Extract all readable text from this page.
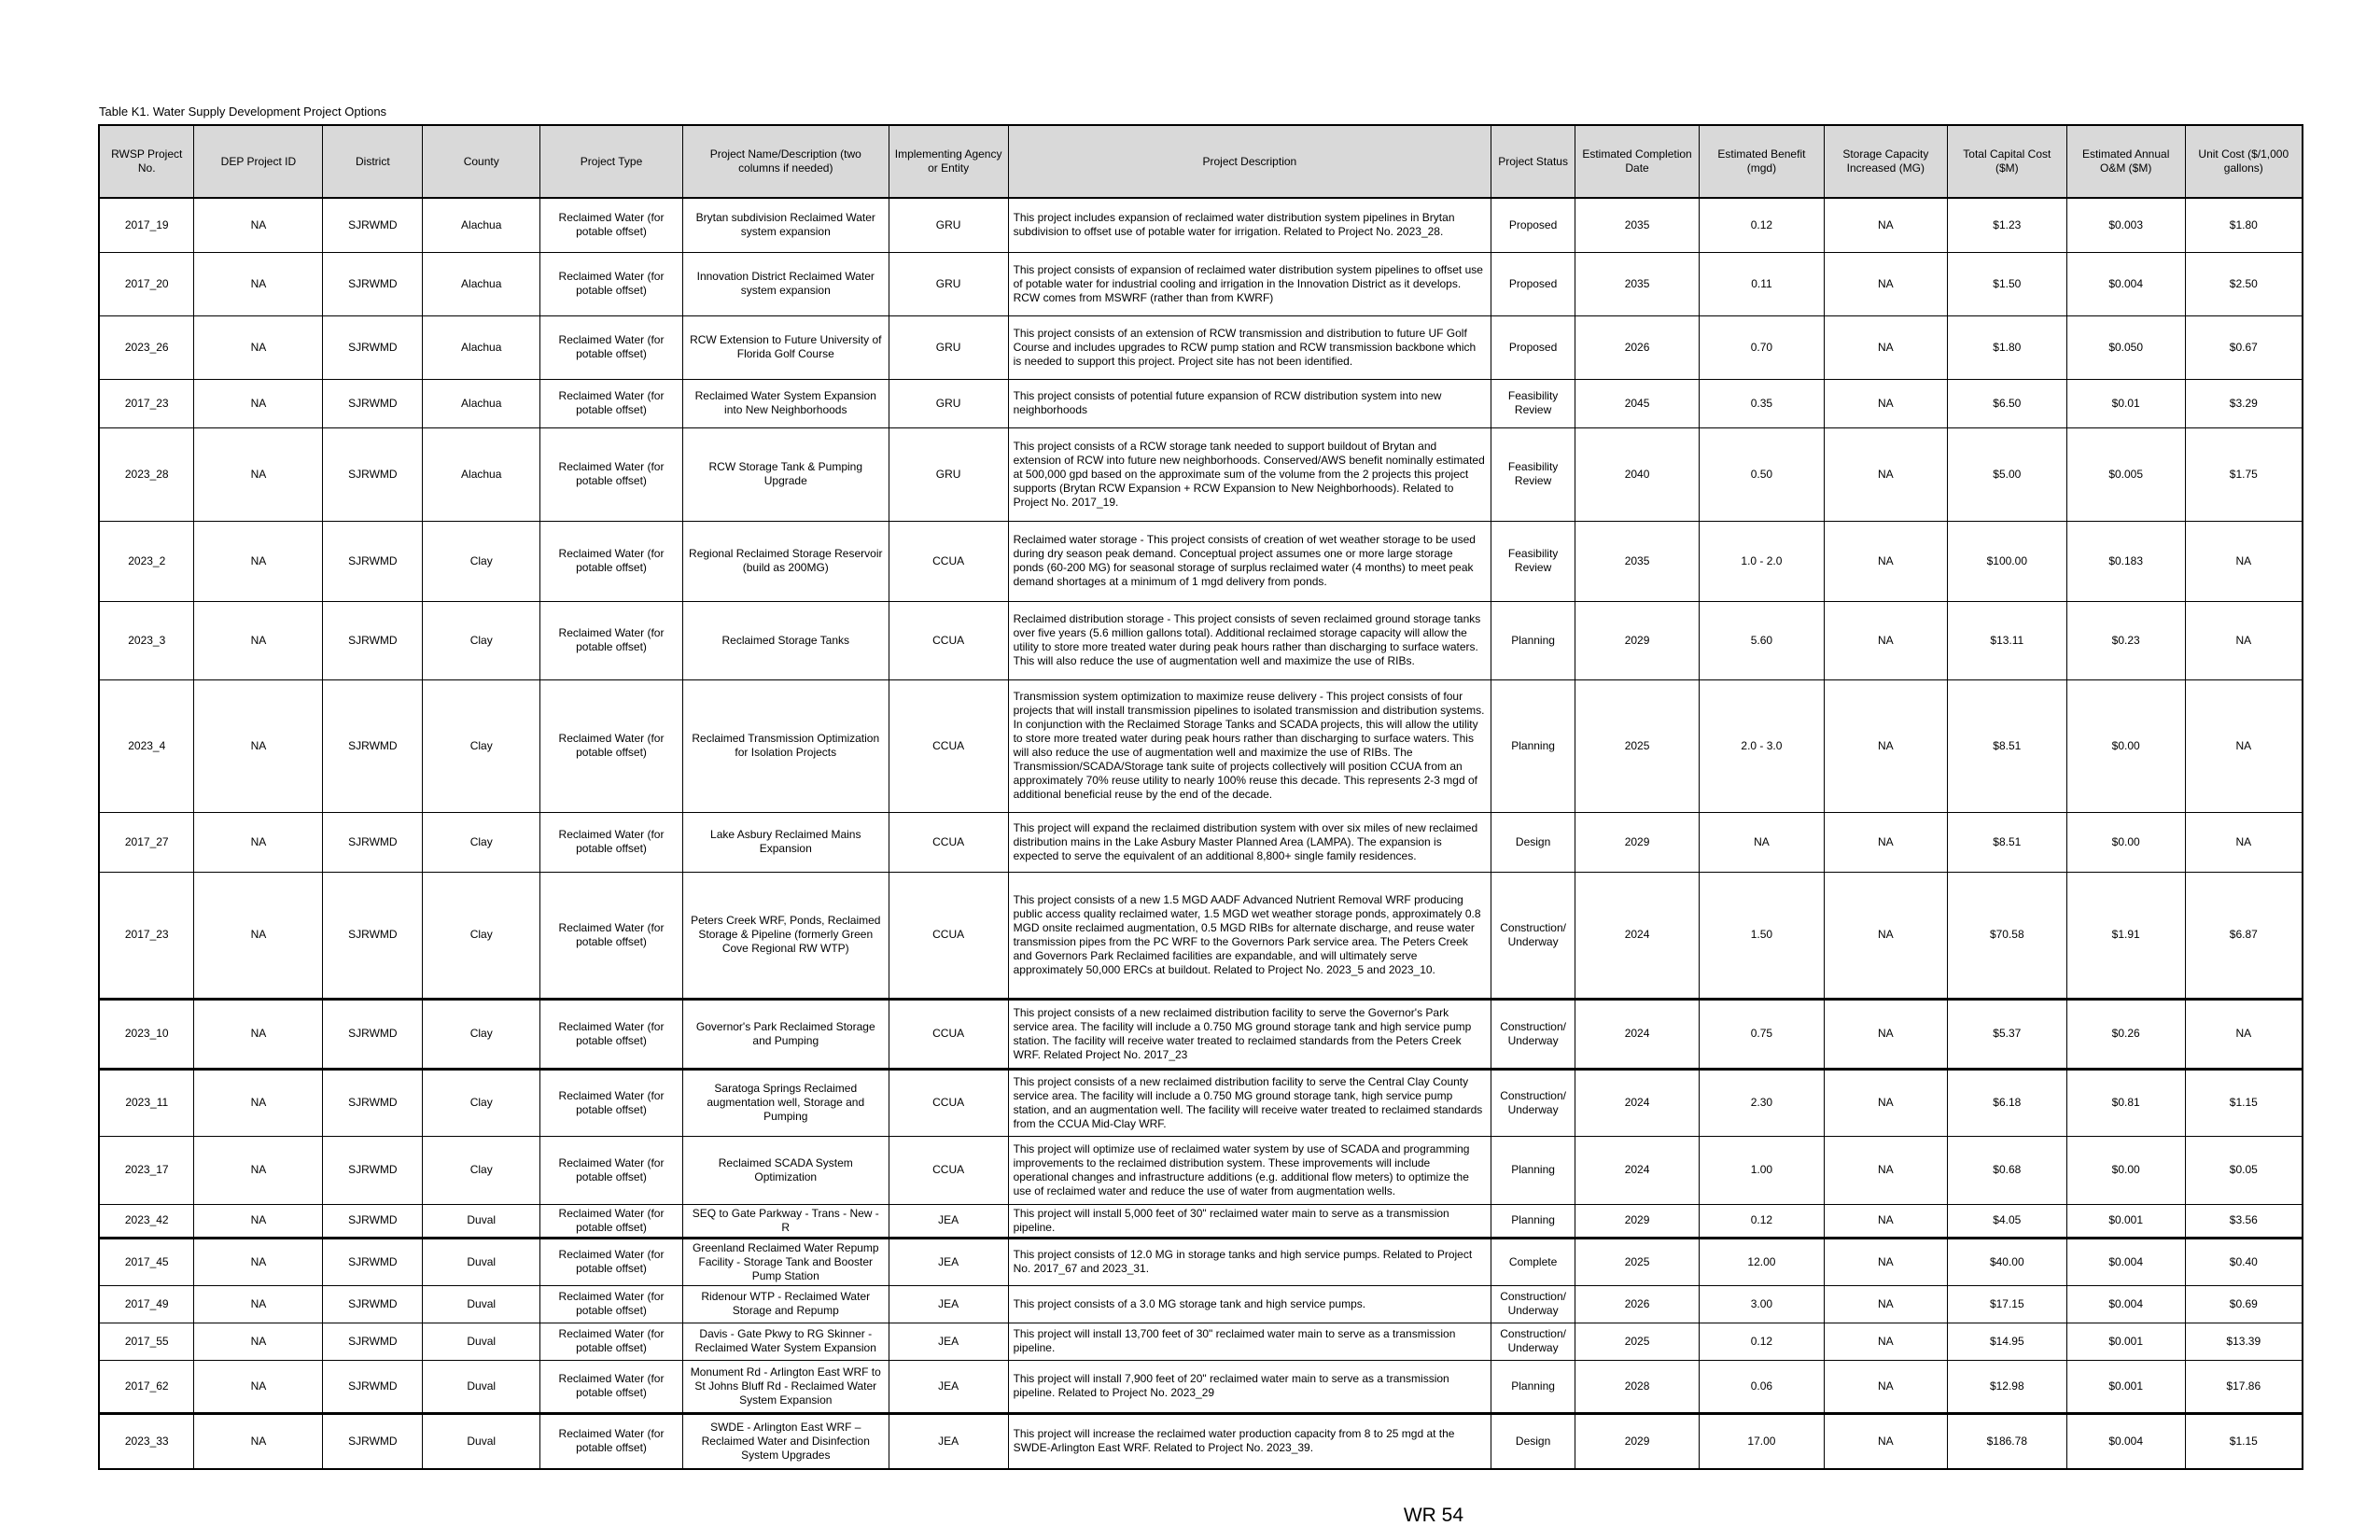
Table K1. Water Supply Development Project Options
RWSP Project No.	DEP Project ID	District	County	Project Type	Project Name/Description (two columns if needed)	Implementing Agency or Entity	Project Description	Project Status	Estimated Completion Date	Estimated Benefit (mgd)	Storage Capacity Increased (MG)	Total Capital Cost ($M)	Estimated Annual O&M ($M)	Unit Cost ($/1,000 gallons)
2017_19	NA	SJRWMD	Alachua	Reclaimed Water (for potable offset)	Brytan subdivision Reclaimed Water system expansion	GRU	This project includes expansion of reclaimed water distribution system pipelines in Brytan subdivision to offset use of potable water for irrigation. Related to Project No. 2023_28.	Proposed	2035	0.12	NA	$1.23	$0.003	$1.80
2017_20	NA	SJRWMD	Alachua	Reclaimed Water (for potable offset)	Innovation District Reclaimed Water system expansion	GRU	This project consists of expansion of reclaimed water distribution system pipelines to offset use of potable water for industrial cooling and irrigation in the Innovation District as it develops. RCW comes from MSWRF (rather than from KWRF)	Proposed	2035	0.11	NA	$1.50	$0.004	$2.50
2023_26	NA	SJRWMD	Alachua	Reclaimed Water (for potable offset)	RCW Extension to Future University of Florida Golf Course	GRU	This project consists of an extension of RCW transmission and distribution to future UF Golf Course and includes upgrades to RCW pump station and RCW transmission backbone which is needed to support this project. Project site has not been identified.	Proposed	2026	0.70	NA	$1.80	$0.050	$0.67
2017_23	NA	SJRWMD	Alachua	Reclaimed Water (for potable offset)	Reclaimed Water System Expansion into New Neighborhoods	GRU	This project consists of potential future expansion of RCW distribution system into new neighborhoods	Feasibility Review	2045	0.35	NA	$6.50	$0.01	$3.29
2023_28	NA	SJRWMD	Alachua	Reclaimed Water (for potable offset)	RCW Storage Tank & Pumping Upgrade	GRU	This project consists of a RCW storage tank needed to support buildout of Brytan and extension of RCW into future new neighborhoods. Conserved/AWS benefit nominally estimated at 500,000 gpd based on the approximate sum of the volume from the 2 projects this project supports (Brytan RCW Expansion + RCW Expansion to New Neighborhoods). Related to Project No. 2017_19.	Feasibility Review	2040	0.50	NA	$5.00	$0.005	$1.75
2023_2	NA	SJRWMD	Clay	Reclaimed Water (for potable offset)	Regional Reclaimed Storage Reservoir (build as 200MG)	CCUA	Reclaimed water storage - This project consists of creation of wet weather storage to be used during dry season peak demand. Conceptual project assumes one or more large storage ponds (60-200 MG) for seasonal storage of surplus reclaimed water (4 months) to meet peak demand shortages at a minimum of 1 mgd delivery from ponds.	Feasibility Review	2035	1.0 - 2.0	NA	$100.00	$0.183	NA
2023_3	NA	SJRWMD	Clay	Reclaimed Water (for potable offset)	Reclaimed Storage Tanks	CCUA	Reclaimed distribution storage - This project consists of seven reclaimed ground storage tanks over five years (5.6 million gallons total). Additional reclaimed storage capacity will allow the utility to store more treated water during peak hours rather than discharging to surface waters. This will also reduce the use of augmentation well and maximize the use of RIBs.	Planning	2029	5.60	NA	$13.11	$0.23	NA
2023_4	NA	SJRWMD	Clay	Reclaimed Water (for potable offset)	Reclaimed Transmission Optimization for Isolation Projects	CCUA	Transmission system optimization to maximize reuse delivery - This project consists of four projects that will install transmission pipelines to isolated transmission and distribution systems. In conjunction with the Reclaimed Storage Tanks and SCADA projects, this will allow the utility to store more treated water during peak hours rather than discharging to surface waters. This will also reduce the use of augmentation well and maximize the use of RIBs. The Transmission/SCADA/Storage tank suite of projects collectively will position CCUA from an approximately 70% reuse utility to nearly 100% reuse this decade. This represents 2-3 mgd of additional beneficial reuse by the end of the decade.	Planning	2025	2.0 - 3.0	NA	$8.51	$0.00	NA
2017_27	NA	SJRWMD	Clay	Reclaimed Water (for potable offset)	Lake Asbury Reclaimed Mains Expansion	CCUA	This project will expand the reclaimed distribution system with over six miles of new reclaimed distribution mains in the Lake Asbury Master Planned Area (LAMPA). The expansion is expected to serve the equivalent of an additional 8,800+ single family residences.	Design	2029	NA	NA	$8.51	$0.00	NA
2017_23	NA	SJRWMD	Clay	Reclaimed Water (for potable offset)	Peters Creek WRF, Ponds, Reclaimed Storage & Pipeline (formerly Green Cove Regional RW WTP)	CCUA	This project consists of a new 1.5 MGD AADF Advanced Nutrient Removal WRF producing public access quality reclaimed water, 1.5 MGD wet weather storage ponds, approximately 0.8 MGD onsite reclaimed augmentation, 0.5 MGD RIBs for alternate discharge, and reuse water transmission pipes from the PC WRF to the Governors Park service area. The Peters Creek and Governors Park Reclaimed facilities are expandable, and will ultimately serve approximately 50,000 ERCs at buildout. Related to Project No. 2023_5 and 2023_10.	Construction/Underway	2024	1.50	NA	$70.58	$1.91	$6.87
2023_10	NA	SJRWMD	Clay	Reclaimed Water (for potable offset)	Governor's Park Reclaimed Storage and Pumping	CCUA	This project consists of a new reclaimed distribution facility to serve the Governor's Park service area. The facility will include a 0.750 MG ground storage tank and high service pump station. The facility will receive water treated to reclaimed standards from the Peters Creek WRF. Related Project No. 2017_23	Construction/Underway	2024	0.75	NA	$5.37	$0.26	NA
2023_11	NA	SJRWMD	Clay	Reclaimed Water (for potable offset)	Saratoga Springs Reclaimed augmentation well, Storage and Pumping	CCUA	This project consists of a new reclaimed distribution facility to serve the Central Clay County service area. The facility will include a 0.750 MG ground storage tank, high service pump station, and an augmentation well. The facility will receive water treated to reclaimed standards from the CCUA Mid-Clay WRF.	Construction/Underway	2024	2.30	NA	$6.18	$0.81	$1.15
2023_17	NA	SJRWMD	Clay	Reclaimed Water (for potable offset)	Reclaimed SCADA System Optimization	CCUA	This project will optimize use of reclaimed water system by use of SCADA and programming improvements to the reclaimed distribution system. These improvements will include operational changes and infrastructure additions (e.g. additional flow meters) to optimize the use of reclaimed water and reduce the use of water from augmentation wells.	Planning	2024	1.00	NA	$0.68	$0.00	$0.05
2023_42	NA	SJRWMD	Duval	Reclaimed Water (for potable offset)	SEQ to Gate Parkway - Trans - New - R	JEA	This project will install 5,000 feet of 30" reclaimed water main to serve as a transmission pipeline.	Planning	2029	0.12	NA	$4.05	$0.001	$3.56
2017_45	NA	SJRWMD	Duval	Reclaimed Water (for potable offset)	Greenland Reclaimed Water Repump Facility - Storage Tank and Booster Pump Station	JEA	This project consists of 12.0 MG in storage tanks and high service pumps. Related to Project No. 2017_67 and 2023_31.	Complete	2025	12.00	NA	$40.00	$0.004	$0.40
2017_49	NA	SJRWMD	Duval	Reclaimed Water (for potable offset)	Ridenour WTP - Reclaimed Water Storage and Repump	JEA	This project consists of a 3.0 MG storage tank and high service pumps.	Construction/Underway	2026	3.00	NA	$17.15	$0.004	$0.69
2017_55	NA	SJRWMD	Duval	Reclaimed Water (for potable offset)	Davis - Gate Pkwy to RG Skinner - Reclaimed Water System Expansion	JEA	This project will install 13,700 feet of 30" reclaimed water main to serve as a transmission pipeline.	Construction/Underway	2025	0.12	NA	$14.95	$0.001	$13.39
2017_62	NA	SJRWMD	Duval	Reclaimed Water (for potable offset)	Monument Rd - Arlington East WRF to St Johns Bluff Rd - Reclaimed Water System Expansion	JEA	This project will install 7,900 feet of 20" reclaimed water main to serve as a transmission pipeline. Related to Project No. 2023_29	Planning	2028	0.06	NA	$12.98	$0.001	$17.86
2023_33	NA	SJRWMD	Duval	Reclaimed Water (for potable offset)	SWDE - Arlington East WRF – Reclaimed Water and Disinfection System Upgrades	JEA	This project will increase the reclaimed water production capacity from 8 to 25 mgd at the SWDE-Arlington East WRF. Related to Project No. 2023_39.	Design	2029	17.00	NA	$186.78	$0.004	$1.15
WR 54
